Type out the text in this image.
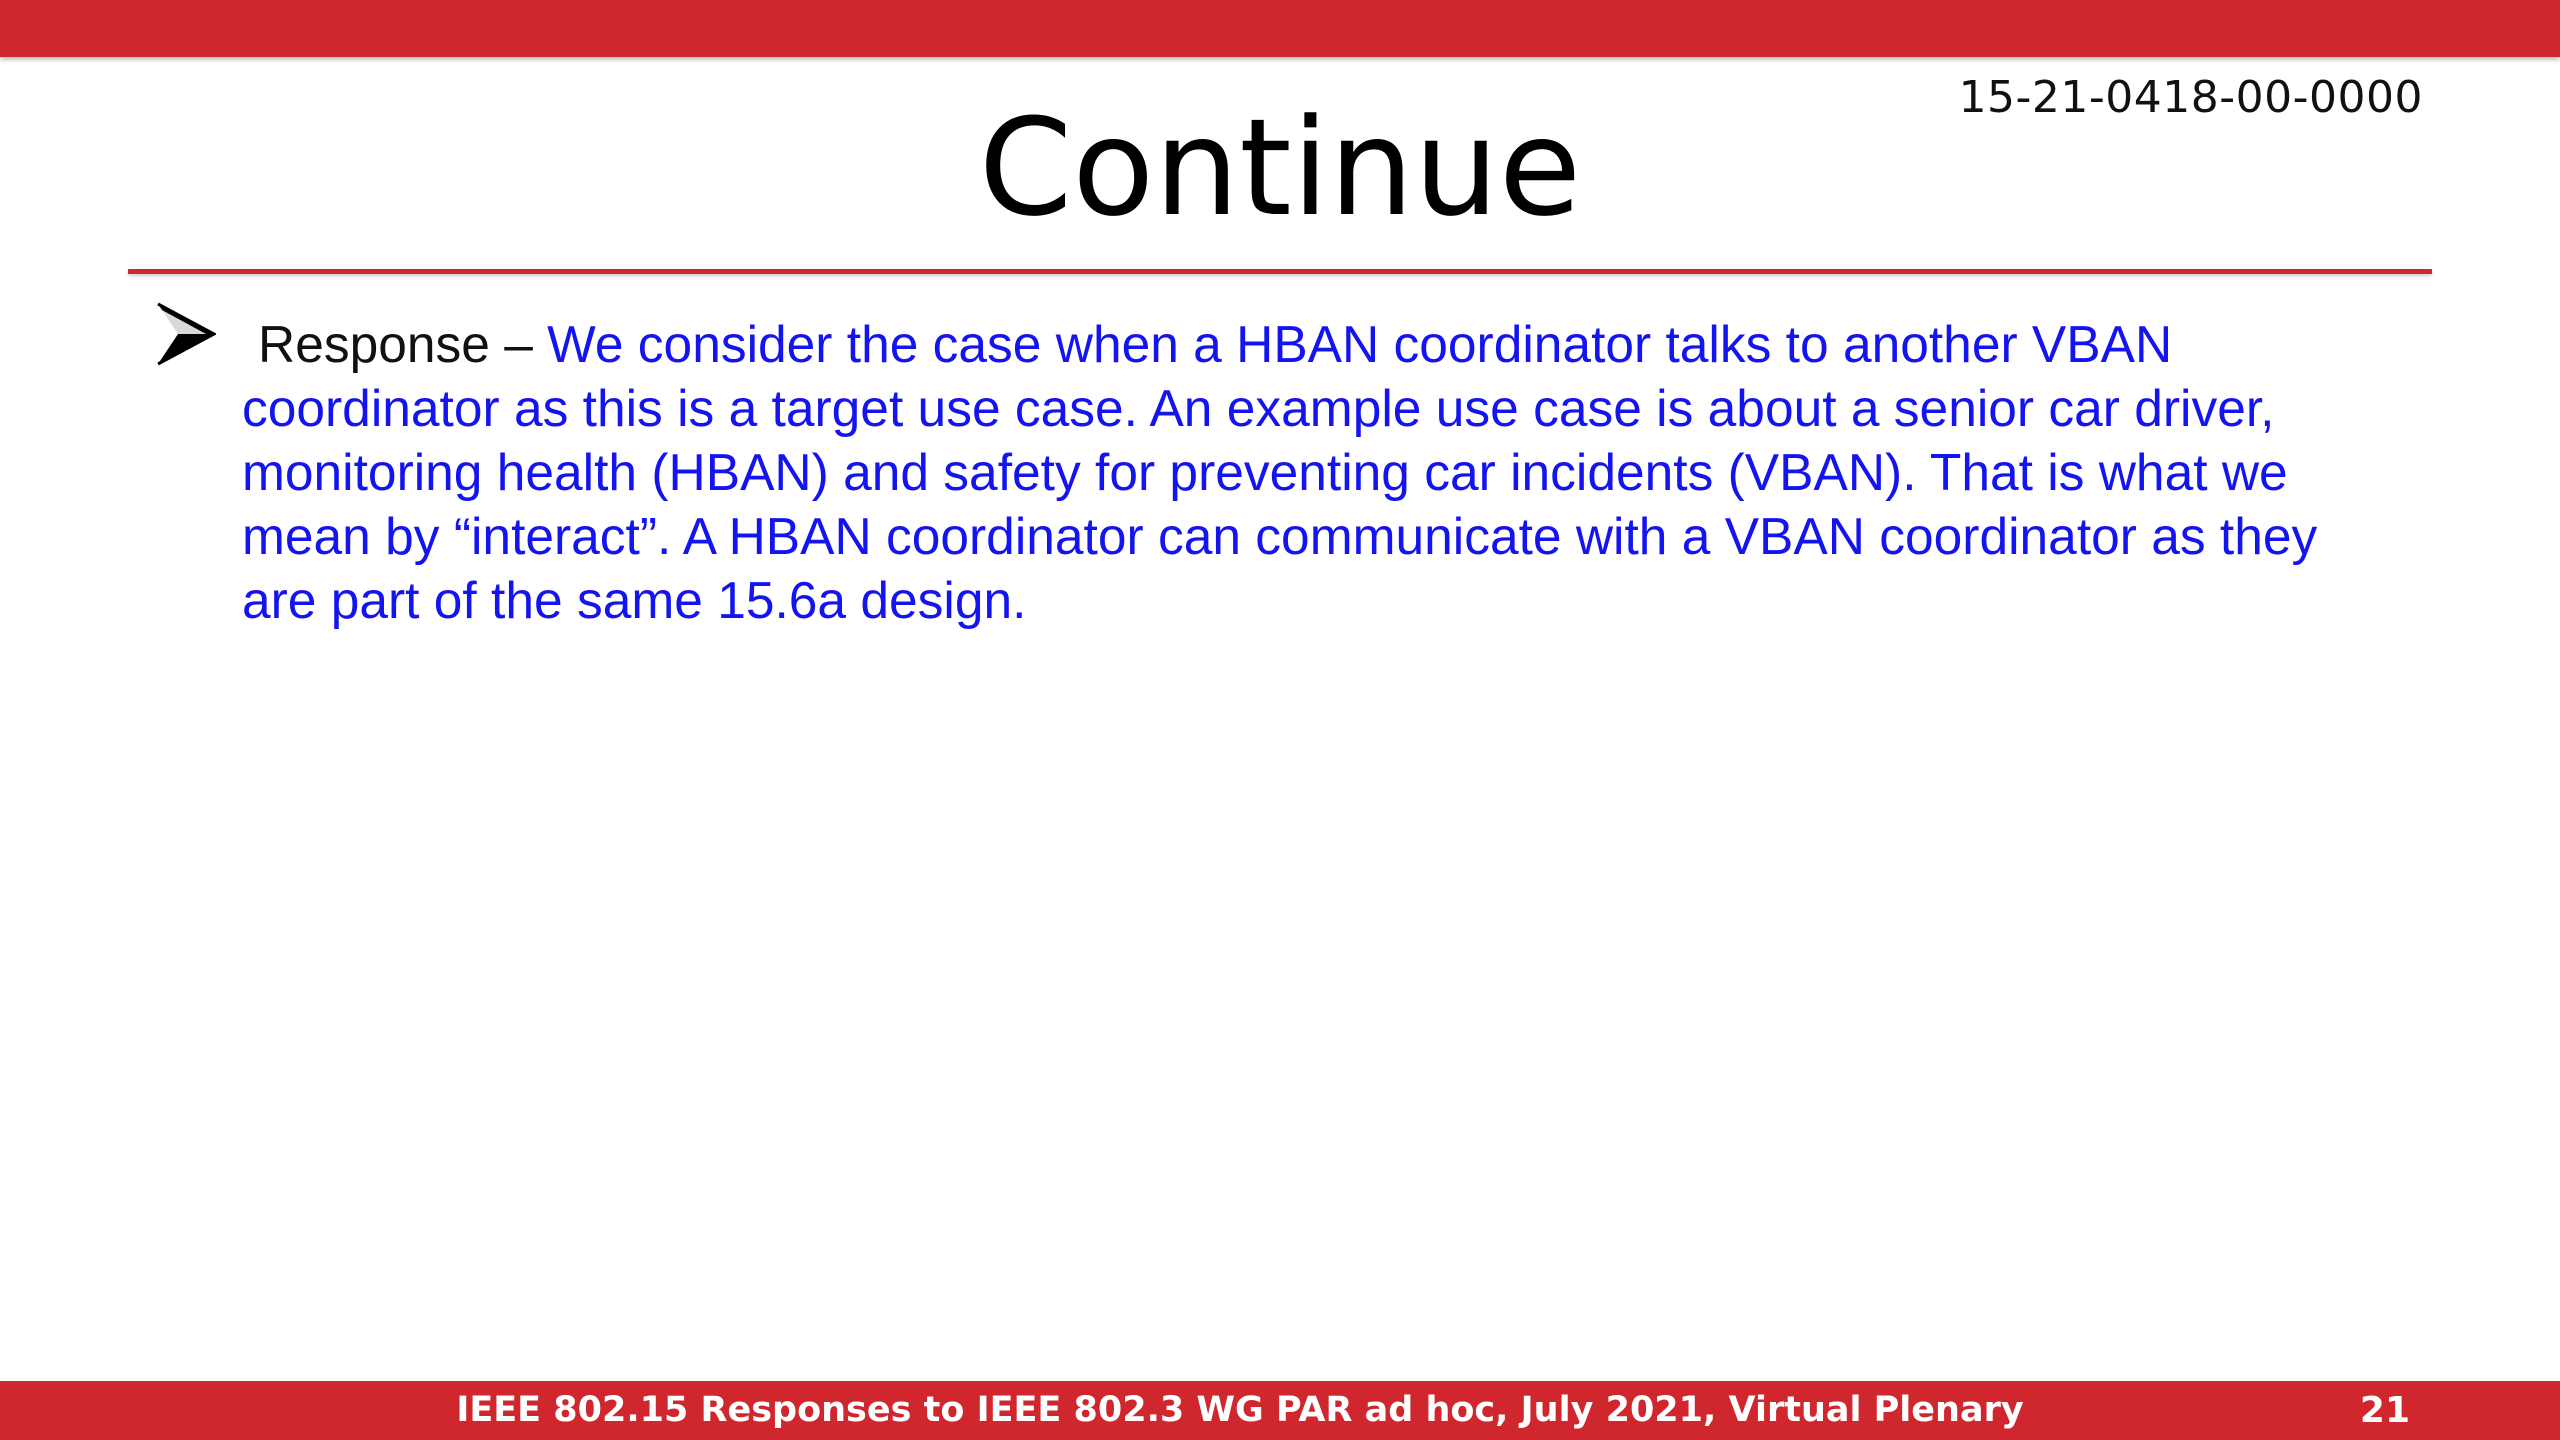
15-21-0418-00-0000
Continue
Response – We consider the case when a HBAN coordinator talks to another VBAN coordinator as this is a target use case. An example use case is about a senior car driver, monitoring health (HBAN) and safety for preventing car incidents (VBAN). That is what we mean by “interact”. A HBAN coordinator can communicate with a VBAN coordinator as they are part of the same 15.6a design.
IEEE 802.15 Responses to IEEE 802.3 WG PAR ad hoc, July 2021, Virtual Plenary	21
